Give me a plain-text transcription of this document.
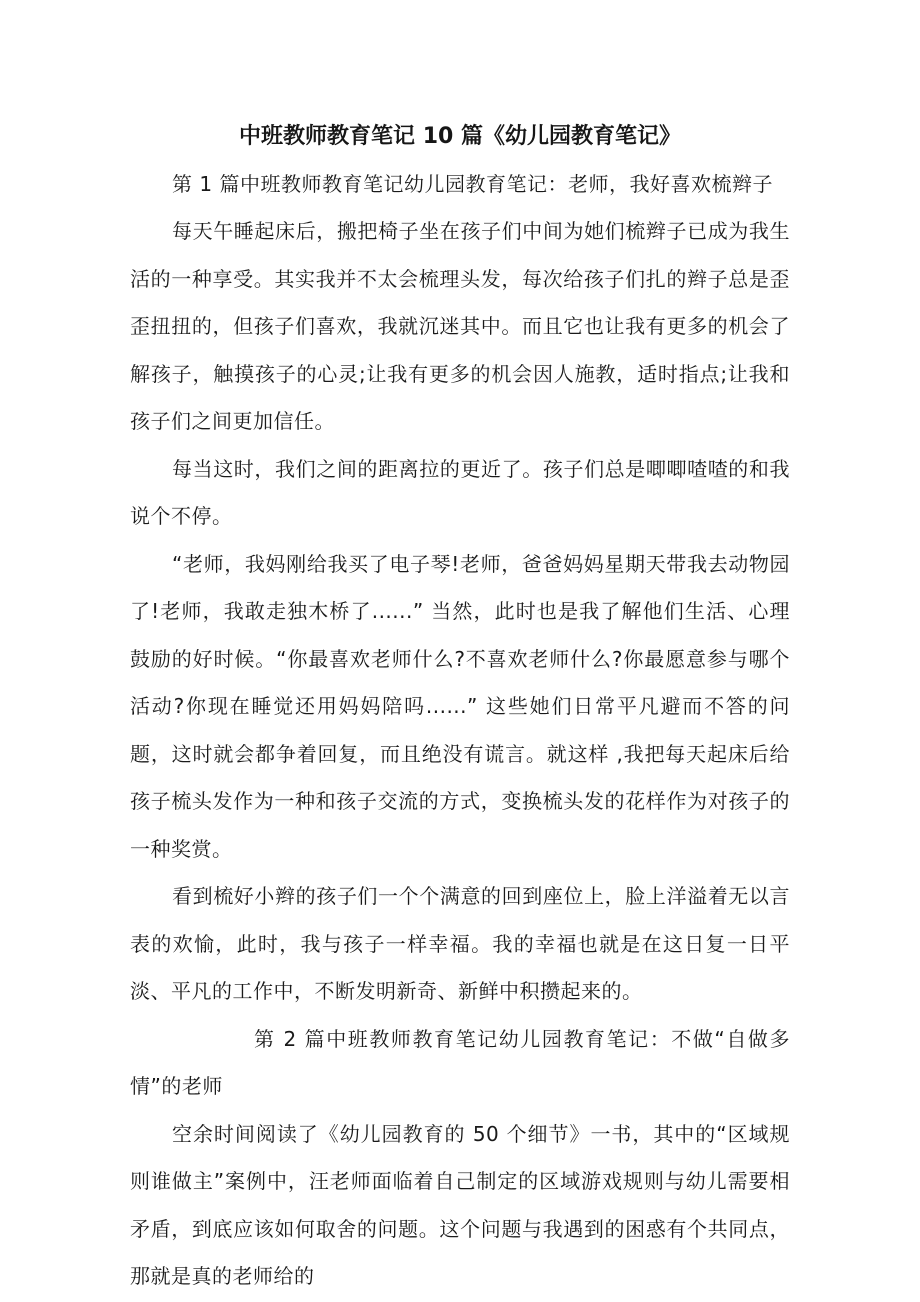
中班教师教育笔记 10 篇《幼儿园教育笔记》

第 1 篇中班教师教育笔记幼儿园教育笔记：老师，我好喜欢梳辫子

每天午睡起床后，搬把椅子坐在孩子们中间为她们梳辫子已成为我生活的一种享受。其实我并不太会梳理头发，每次给孩子们扎的辫子总是歪歪扭扭的，但孩子们喜欢，我就沉迷其中。而且它也让我有更多的机会了解孩子，触摸孩子的心灵;让我有更多的机会因人施教，适时指点;让我和孩子们之间更加信任。

每当这时，我们之间的距离拉的更近了。孩子们总是唧唧喳喳的和我说个不停。

“老师，我妈刚给我买了电子琴!老师，爸爸妈妈星期天带我去动物园了!老师，我敢走独木桥了......” 当然，此时也是我了解他们生活、心理鼓励的好时候。“你最喜欢老师什么?不喜欢老师什么?你最愿意参与哪个活动?你现在睡觉还用妈妈陪吗......” 这些她们日常平凡避而不答的问题，这时就会都争着回复，而且绝没有谎言。就这样 ,我把每天起床后给孩子梳头发作为一种和孩子交流的方式，变换梳头发的花样作为对孩子的一种奖赏。

看到梳好小辫的孩子们一个个满意的回到座位上，脸上洋溢着无以言表的欢愉，此时，我与孩子一样幸福。我的幸福也就是在这日复一日平淡、平凡的工作中，不断发明新奇、新鲜中积攒起来的。

第 2 篇中班教师教育笔记幼儿园教育笔记：不做“自做多情”的老师

空余时间阅读了《幼儿园教育的 50 个细节》一书，其中的“区域规则谁做主”案例中，汪老师面临着自己制定的区域游戏规则与幼儿需要相矛盾，到底应该如何取舍的问题。这个问题与我遇到的困惑有个共同点，那就是真的老师给的
